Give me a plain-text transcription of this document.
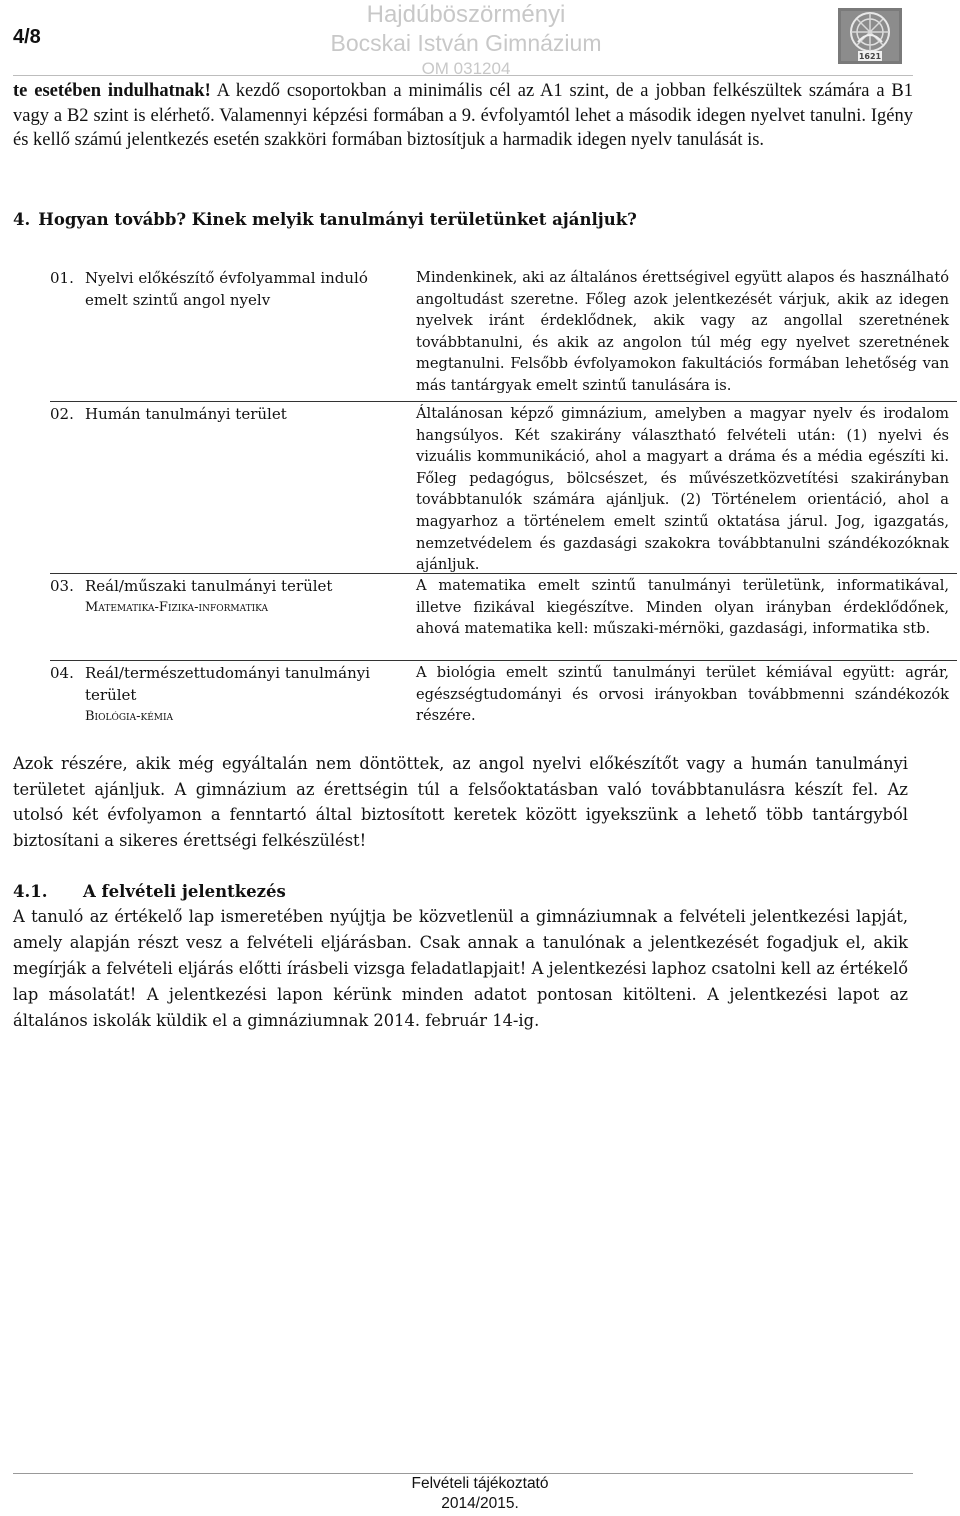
4/8
Hajdúböszörményi
Bocskai István Gimnázium
OM 031204
1621
te esetében indulhatnak! A kezdő csoportokban a minimális cél az A1 szint, de a jobban felkészültek számára a B1 vagy a B2 szint is elérhető. Valamennyi képzési formában a 9. évfolyamtól lehet a második idegen nyelvet tanulni. Igény és kellő számú jelentkezés esetén szakköri formában biztosítjuk a harmadik idegen nyelv tanulását is.
4. Hogyan tovább? Kinek melyik tanulmányi területünket ajánljuk?
01. Nyelvi előkészítő évfolyammal induló emelt szintű angol nyelv
Mindenkinek, aki az általános érettségivel együtt alapos és használható angoltudást szeretne. Főleg azok jelentkezését várjuk, akik az idegen nyelvek iránt érdeklődnek, akik vagy az angollal szeretnének továbbtanulni, és akik az angolon túl még egy nyelvet szeretnének megtanulni. Felsőbb évfolyamokon fakultációs formában lehetőség van más tantárgyak emelt szintű tanulására is.
02. Humán tanulmányi terület	Általánosan képző gimnázium, amelyben a magyar nyelv és irodalom hangsúlyos. Két szakirány választható felvételi után: (1) nyelvi és vizuális kommunikáció, ahol a magyart a dráma és a média egészíti ki. Főleg pedagógus, bölcsészet, és művészetközvetítési szakirányban továbbtanulók számára ajánljuk. (2) Történelem orientáció, ahol a magyarhoz a történelem emelt szintű oktatása járul. Jog, igazgatás, nemzetvédelem és gazdasági szakokra továbbtanulni szándékozóknak ajánljuk.
03. Reál/műszaki tanulmányi terület
Matematika-Fizika-informatika
A matematika emelt szintű tanulmányi területünk, informatikával, illetve fizikával kiegészítve. Minden olyan irányban érdeklődőnek, ahová matematika kell: műszaki-mérnöki, gazdasági, informatika stb.
04. Reál/természettudományi tanulmányi terület
Biológia-kémia
A biológia emelt szintű tanulmányi terület kémiával együtt: agrár, egészségtudományi és orvosi irányokban továbbmenni szándékozók részére.
Azok részére, akik még egyáltalán nem döntöttek, az angol nyelvi előkészítőt vagy a humán tanulmányi területet ajánljuk. A gimnázium az érettségin túl a felsőoktatásban való továbbtanulásra készít fel. Az utolsó két évfolyamon a fenntartó által biztosított keretek között igyekszünk a lehető több tantárgyból biztosítani a sikeres érettségi felkészülést!
4.1. A felvételi jelentkezés
A tanuló az értékelő lap ismeretében nyújtja be közvetlenül a gimnáziumnak a felvételi jelentkezési lapját, amely alapján részt vesz a felvételi eljárásban. Csak annak a tanulónak a jelentkezését fogadjuk el, akik megírják a felvételi eljárás előtti írásbeli vizsga feladatlapjait! A jelentkezési laphoz csatolni kell az értékelő lap másolatát! A jelentkezési lapon kérünk minden adatot pontosan kitölteni. A jelentkezési lapot az általános iskolák küldik el a gimnáziumnak 2014. február 14-ig.
Felvételi tájékoztató
2014/2015.
